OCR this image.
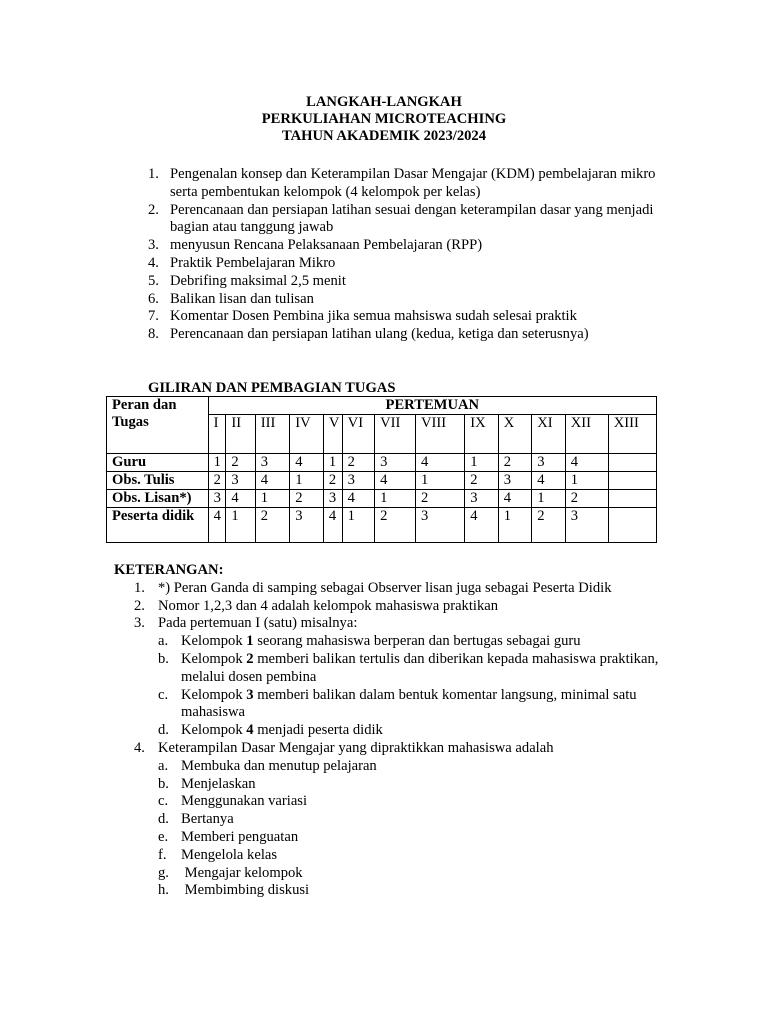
LANGKAH-LANGKAH
PERKULIAHAN MICROTEACHING
TAHUN AKADEMIK 2023/2024
1. Pengenalan konsep dan Keterampilan Dasar Mengajar (KDM) pembelajaran mikro serta pembentukan kelompok (4 kelompok per kelas)
2. Perencanaan dan persiapan latihan sesuai dengan keterampilan dasar yang menjadi bagian atau tanggung jawab
3. menyusun Rencana Pelaksanaan Pembelajaran (RPP)
4. Praktik Pembelajaran Mikro
5. Debrifing maksimal 2,5 menit
6. Balikan lisan dan tulisan
7. Komentar Dosen Pembina jika semua mahsiswa sudah selesai praktik
8. Perencanaan dan persiapan latihan ulang (kedua, ketiga dan seterusnya)
GILIRAN DAN PEMBAGIAN TUGAS
Peran dan Tugas	PERTEMUAN												
	I	II	III	IV	V	VI	VII	VIII	IX	X	XI	XII	XIII
Guru	1	2	3	4	1	2	3	4	1	2	3	4	
Obs. Tulis	2	3	4	1	2	3	4	1	2	3	4	1	
Obs. Lisan*)	3	4	1	2	3	4	1	2	3	4	1	2	
Peserta didik	4	1	2	3	4	1	2	3	4	1	2	3	
KETERANGAN:
1. *) Peran Ganda di samping sebagai Observer lisan juga sebagai Peserta Didik
2. Nomor 1,2,3 dan 4 adalah kelompok mahasiswa praktikan
3. Pada pertemuan I (satu) misalnya:
a. Kelompok 1 seorang mahasiswa berperan dan bertugas sebagai guru
b. Kelompok 2 memberi balikan tertulis dan diberikan kepada mahasiswa praktikan, melalui dosen pembina
c. Kelompok 3 memberi balikan dalam bentuk komentar langsung, minimal satu mahasiswa
d. Kelompok 4 menjadi peserta didik
4. Keterampilan Dasar Mengajar yang dipraktikkan mahasiswa adalah
a. Membuka dan menutup pelajaran
b. Menjelaskan
c. Menggunakan variasi
d. Bertanya
e. Memberi penguatan
f. Mengelola kelas
g. Mengajar kelompok
h. Membimbing diskusi
